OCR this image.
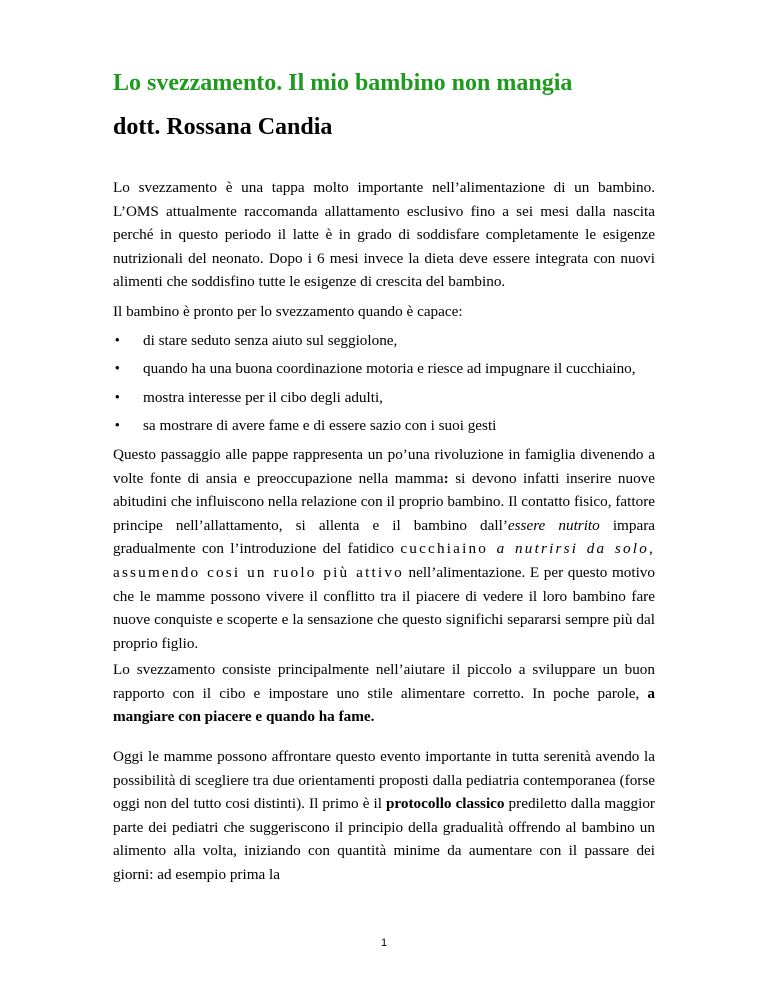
Lo svezzamento. Il mio bambino non mangia
dott. Rossana Candia

Lo svezzamento è una tappa molto importante nell’alimentazione di un bambino. L’OMS attualmente raccomanda allattamento esclusivo fino a sei mesi dalla nascita perché in questo periodo il latte è in grado di soddisfare completamente le esigenze nutrizionali del neonato. Dopo i 6 mesi invece la dieta deve essere integrata con nuovi alimenti che soddisfino tutte le esigenze di crescita del bambino.

Il bambino è pronto per lo svezzamento quando è capace:

• di stare seduto senza aiuto sul seggiolone,
• quando ha una buona coordinazione motoria e riesce ad impugnare il cucchiaino,
• mostra interesse per il cibo degli adulti,
• sa mostrare di avere fame e di essere sazio con i suoi gesti

Questo passaggio alle pappe rappresenta un po’una rivoluzione in famiglia divenendo a volte fonte di ansia e preoccupazione nella mamma: si devono infatti inserire nuove abitudini che influiscono nella relazione con il proprio bambino. Il contatto fisico, fattore principe nell’allattamento, si allenta e il bambino dall’essere nutrito impara gradualmente con l’introduzione del fatidico cucchiaino a nutrirsi da solo, assumendo cosi un ruolo più attivo nell’alimentazione. E per questo motivo che le mamme possono vivere il conflitto tra il piacere di vedere il loro bambino fare nuove conquiste e scoperte e la sensazione che questo significhi separarsi sempre più dal proprio figlio.

Lo svezzamento consiste principalmente nell’aiutare il piccolo a sviluppare un buon rapporto con il cibo e impostare uno stile alimentare corretto. In poche parole, a mangiare con piacere e quando ha fame.

Oggi le mamme possono affrontare questo evento importante in tutta serenità avendo la possibilità di scegliere tra due orientamenti proposti dalla pediatria contemporanea (forse oggi non del tutto cosi distinti). Il primo è il protocollo classico prediletto dalla maggior parte dei pediatri che suggeriscono il principio della gradualità offrendo al bambino un alimento alla volta, iniziando con quantità minime da aumentare con il passare dei giorni: ad esempio prima la

1
